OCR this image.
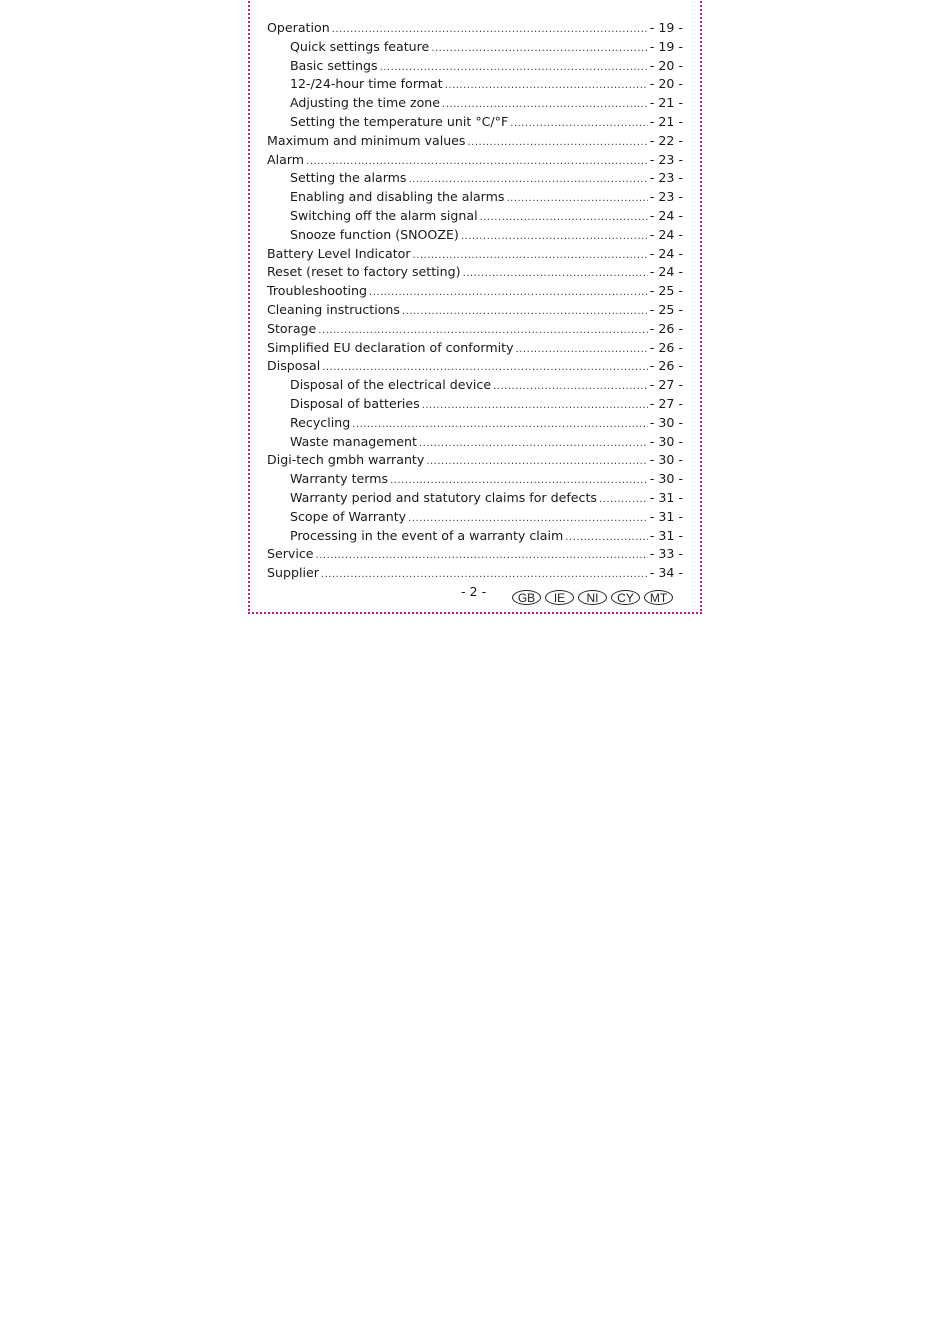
Operation .....	- 19 -
Quick settings feature .....	- 19 -
Basic settings .....	- 20 -
12-/24-hour time format .....	- 20 -
Adjusting the time zone .....	- 21 -
Setting the temperature unit °C/°F .....	- 21 -
Maximum and minimum values .....	- 22 -
Alarm .....	- 23 -
Setting the alarms .....	- 23 -
Enabling and disabling the alarms .....	- 23 -
Switching off the alarm signal .....	- 24 -
Snooze function (SNOOZE) .....	- 24 -
Battery Level Indicator .....	- 24 -
Reset (reset to factory setting) .....	- 24 -
Troubleshooting .....	- 25 -
Cleaning instructions .....	- 25 -
Storage .....	- 26 -
Simplified EU declaration of conformity .....	- 26 -
Disposal .....	- 26 -
Disposal of the electrical device .....	- 27 -
Disposal of batteries .....	- 27 -
Recycling .....	- 30 -
Waste management .....	- 30 -
Digi-tech gmbh warranty .....	- 30 -
Warranty terms .....	- 30 -
Warranty period and statutory claims for defects .....	- 31 -
Scope of Warranty .....	- 31 -
Processing in the event of a warranty claim .....	- 31 -
Service .....	- 33 -
Supplier .....	- 34 -
- 2 -	GB	IE	NI	CY	MT
